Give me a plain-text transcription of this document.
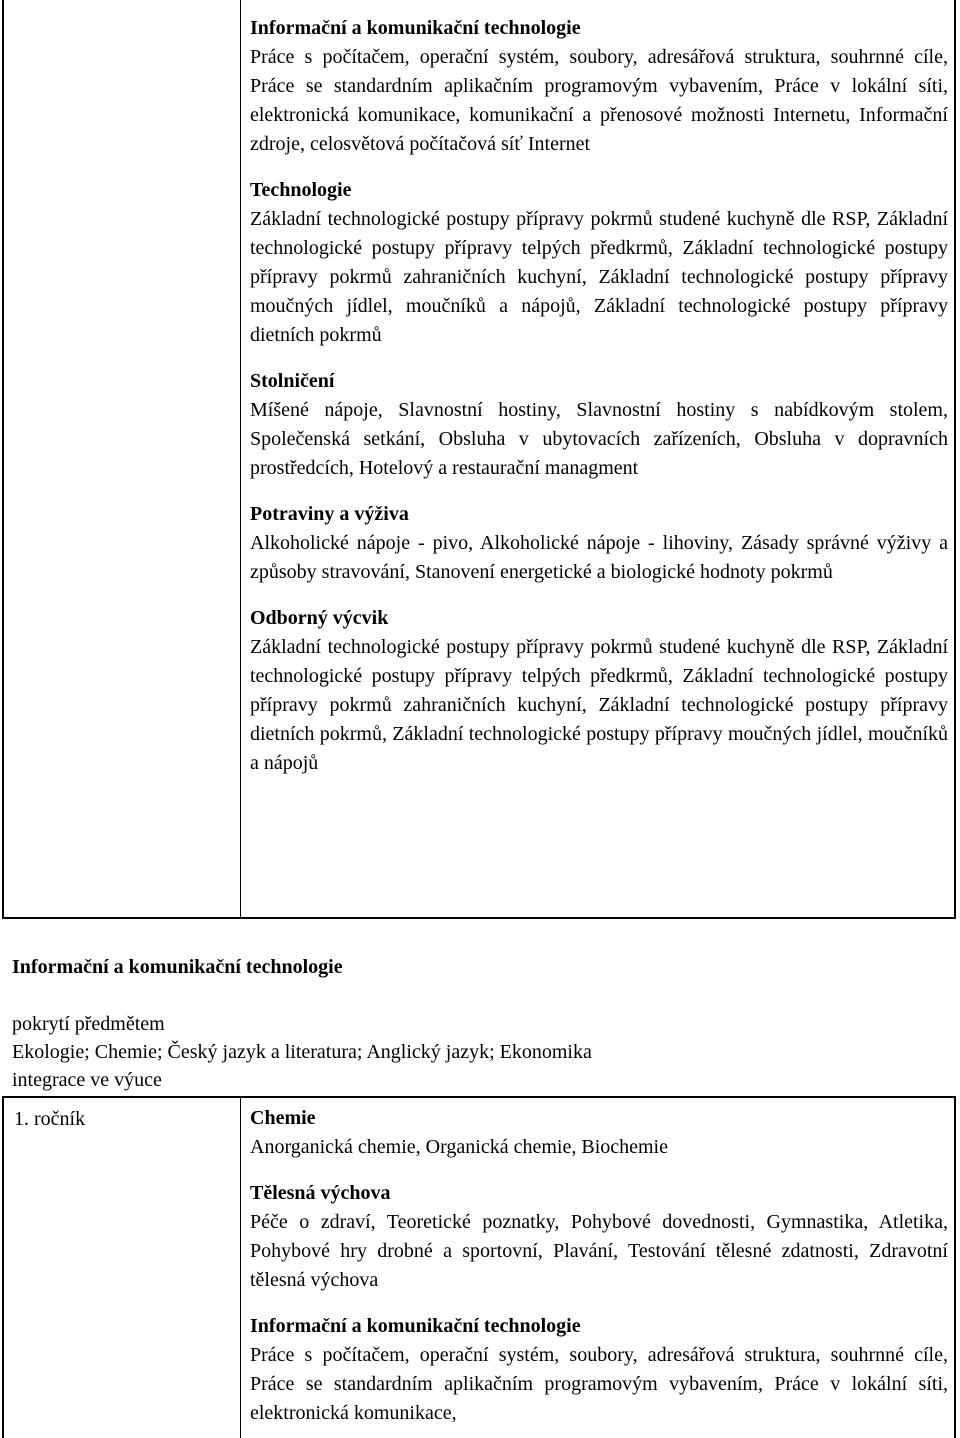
Informační a komunikační technologie
Práce s počítačem, operační systém, soubory, adresářová struktura, souhrnné cíle, Práce se standardním aplikačním programovým vybavením, Práce v lokální síti, elektronická komunikace, komunikační a přenosové možnosti Internetu, Informační zdroje, celosvětová počítačová síť Internet
Technologie
Základní technologické postupy přípravy pokrmů studené kuchyně dle RSP, Základní technologické postupy přípravy telpých předkrmů, Základní technologické postupy přípravy pokrmů zahraničních kuchyní, Základní technologické postupy přípravy moučných jídlel, moučníků a nápojů, Základní technologické postupy přípravy dietních pokrmů
Stolničení
Míšené nápoje, Slavnostní hostiny, Slavnostní hostiny s nabídkovým stolem, Společenská setkání, Obsluha v ubytovacích zařízeních, Obsluha v dopravních prostředcích, Hotelový a restaurační managment
Potraviny a výživa
Alkoholické nápoje - pivo, Alkoholické nápoje - lihoviny, Zásady správné výživy a způsoby stravování, Stanovení energetické a biologické hodnoty pokrmů
Odborný výcvik
Základní technologické postupy přípravy pokrmů studené kuchyně dle RSP, Základní technologické postupy přípravy telpých předkrmů, Základní technologické postupy přípravy pokrmů zahraničních kuchyní, Základní technologické postupy přípravy dietních pokrmů, Základní technologické postupy přípravy moučných jídlel, moučníků a nápojů
Informační a komunikační technologie
pokrytí předmětem
Ekologie; Chemie; Český jazyk a literatura; Anglický jazyk; Ekonomika
integrace ve výuce
1. ročník	Chemie
Anorganická chemie, Organická chemie, Biochemie
Tělesná výchova
Péče o zdraví, Teoretické poznatky, Pohybové dovednosti, Gymnastika, Atletika, Pohybové hry drobné a sportovní, Plavání, Testování tělesné zdatnosti, Zdravotní tělesná výchova
Informační a komunikační technologie
Práce s počítačem, operační systém, soubory, adresářová struktura, souhrnné cíle, Práce se standardním aplikačním programovým vybavením, Práce v lokální síti, elektronická komunikace,
